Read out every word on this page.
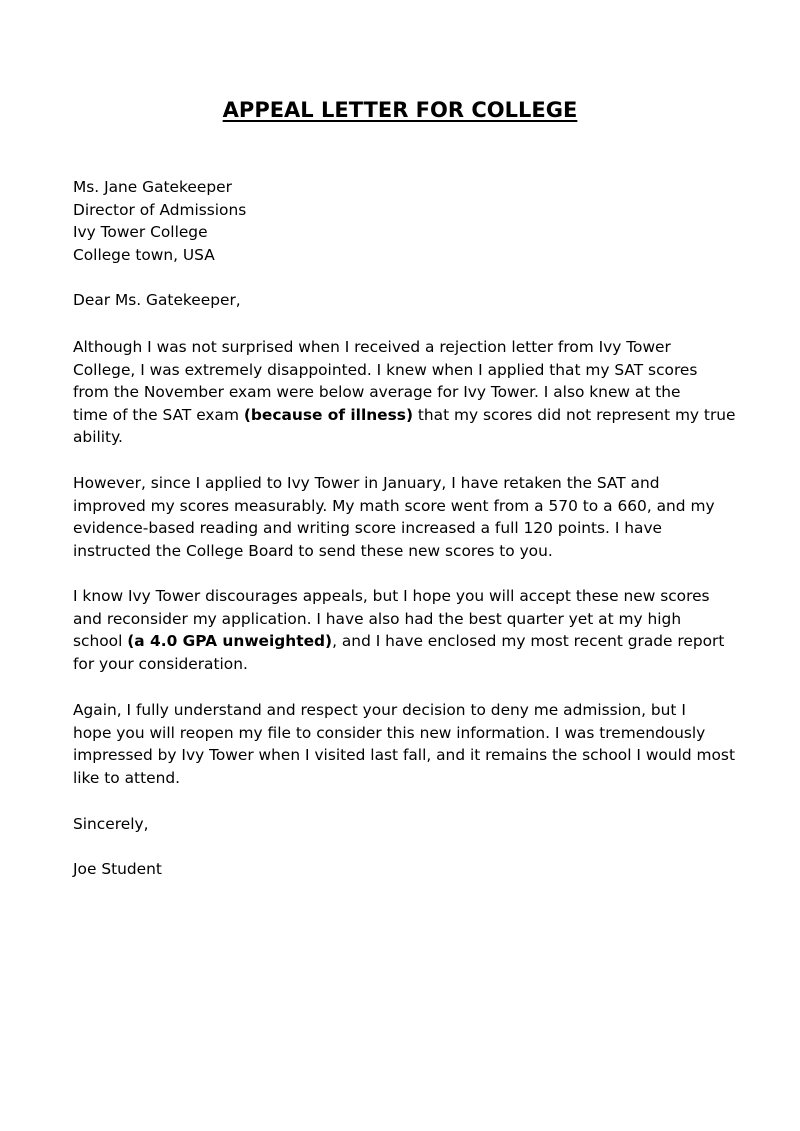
APPEAL LETTER FOR COLLEGE
Ms. Jane Gatekeeper
Director of Admissions
Ivy Tower College
College town, USA
Dear Ms. Gatekeeper,
Although I was not surprised when I received a rejection letter from Ivy Tower
College, I was extremely disappointed. I knew when I applied that my SAT scores
from the November exam were below average for Ivy Tower. I also knew at the
time of the SAT exam (because of illness) that my scores did not represent my true
ability.
However, since I applied to Ivy Tower in January, I have retaken the SAT and
improved my scores measurably. My math score went from a 570 to a 660, and my
evidence-based reading and writing score increased a full 120 points. I have
instructed the College Board to send these new scores to you.
I know Ivy Tower discourages appeals, but I hope you will accept these new scores
and reconsider my application. I have also had the best quarter yet at my high
school (a 4.0 GPA unweighted), and I have enclosed my most recent grade report
for your consideration.
Again, I fully understand and respect your decision to deny me admission, but I
hope you will reopen my file to consider this new information. I was tremendously
impressed by Ivy Tower when I visited last fall, and it remains the school I would most
like to attend.
Sincerely,
Joe Student
